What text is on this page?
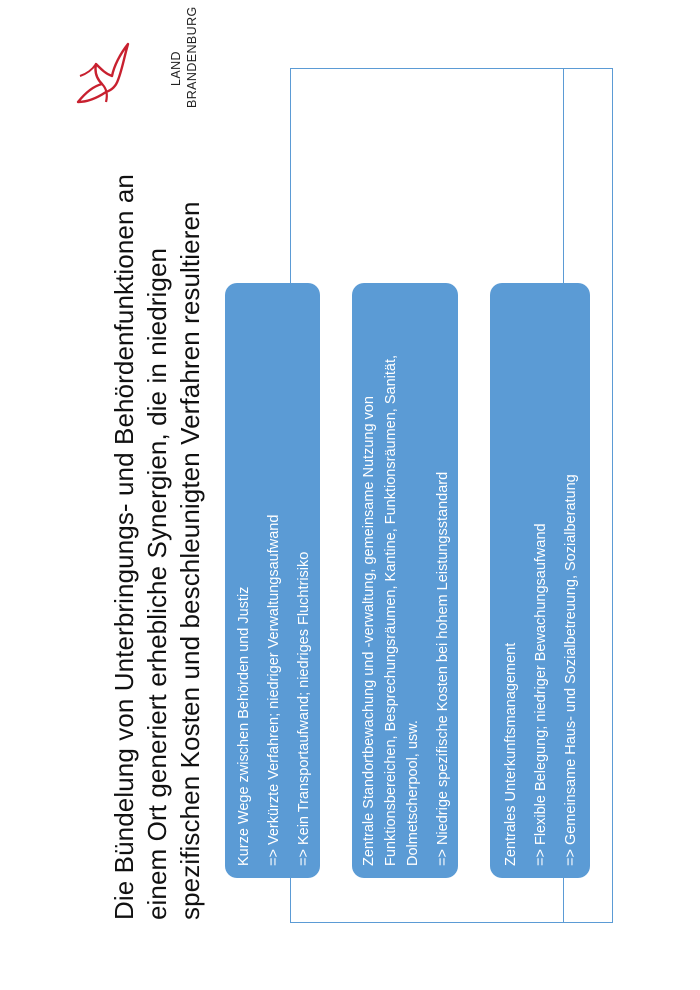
LAND BRANDENBURG
Die Bündelung von Unterbringungs- und Behördenfunktionen an einem Ort generiert erhebliche Synergien, die in niedrigen spezifischen Kosten und beschleunigten Verfahren resultieren Kurze Wege zwischen Behörden und Justiz => Verkürzte Verfahren; niedriger Verwaltungsaufwand => Kein Transportaufwand; niedriges Fluchtrisiko	Zentrale Standortbewachung und -verwaltung, gemeinsame Nutzung von Funktionsbereichen, Besprechungsräumen, Kantine, Funktionsräumen, Sanität, Dolmetscherpool, usw. => Niedrige spezifische Kosten bei hohem Leistungsstandard	Zentrales Unterkunftsmanagement => Flexible Belegung; niedriger Bewachungsaufwand => Gemeinsame Haus- und Sozialbetreuung, Sozialberatung
